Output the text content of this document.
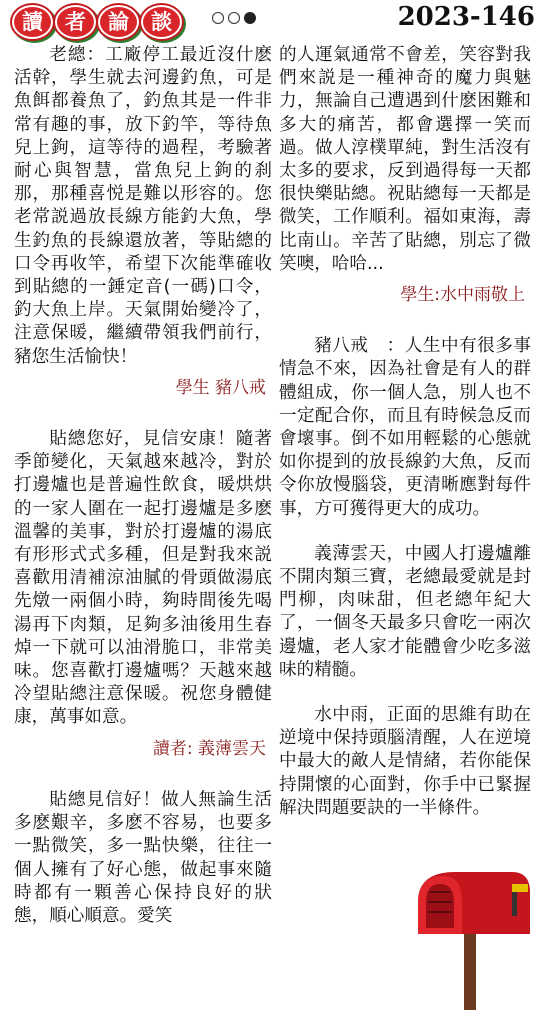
讀	者	論	談	2023-146

老總：工廠停工最近沒什麽活幹，學生就去河邊釣魚，可是魚餌都養魚了，釣魚其是一件非常有趣的事，放下釣竿，等待魚兒上鉤，這等待的過程，考驗著耐心與智慧，當魚兒上鉤的刹那，那種喜悦是難以形容的。您老常説過放長線方能釣大魚，學生釣魚的長線還放著，等貼總的口令再收竿，希望下次能準確收到貼總的一錘定音(一碼)口令，釣大魚上岸。天氣開始變冷了，注意保暖，繼續帶領我們前行，豬您生活愉快！

學生 豬八戒

貼總您好，見信安康！隨著季節變化，天氣越來越冷，對於打邊爐也是普遍性飲食，暖烘烘的一家人圍在一起打邊爐是多麽溫馨的美事，對於打邊爐的湯底有形形式式多種，但是對我來説喜歡用清補涼油膩的骨頭做湯底先燉一兩個小時，夠時間後先喝湯再下肉類，足夠多油後用生春焯一下就可以油滑脆口，非常美味。您喜歡打邊爐嗎？天越來越冷望貼總注意保暖。祝您身體健康，萬事如意。

讀者: 義薄雲天

貼總見信好！做人無論生活多麽艱辛，多麽不容易，也要多一點微笑，多一點快樂，往往一個人擁有了好心態，做起事來隨時都有一顆善心保持良好的狀態，順心順意。愛笑

的人運氣通常不會差，笑容對我們來説是一種神奇的魔力與魅力，無論自己遭遇到什麽困難和多大的痛苦，都會選擇一笑而過。做人淳樸單純，對生活沒有太多的要求，反到過得每一天都很快樂貼總。祝貼總每一天都是微笑，工作順利。福如東海，壽比南山。辛苦了貼總，別忘了微笑噢，哈哈...

學生:水中雨敬上

豬八戒　：人生中有很多事情急不來，因為社會是有人的群體組成，你一個人急，別人也不一定配合你，而且有時候急反而會壞事。倒不如用輕鬆的心態就如你提到的放長線釣大魚，反而令你放慢腦袋，更清晰應對每件事，方可獲得更大的成功。

義薄雲天，中國人打邊爐離不開肉類三寶，老總最愛就是封門柳，肉味甜，但老總年紀大了，一個冬天最多只會吃一兩次邊爐，老人家才能體會少吃多滋味的精髓。

水中雨，正面的思維有助在逆境中保持頭腦清醒，人在逆境中最大的敵人是情緒，若你能保持開懷的心面對，你手中已緊握解決問題要訣的一半條件。
